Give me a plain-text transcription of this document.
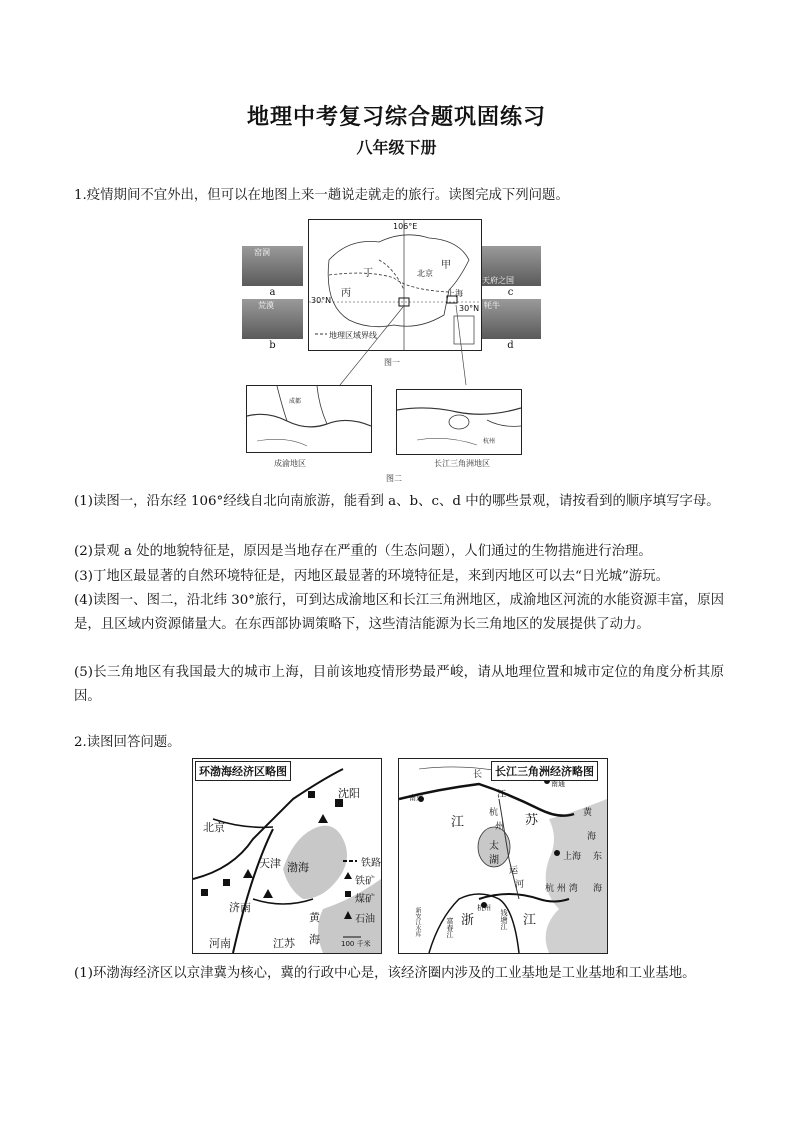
地理中考复习综合题巩固练习
八年级下册
1.疫情期间不宜外出，但可以在地图上来一趟说走就走的旅行。读图完成下列问题。
窑洞
a
荒漠
b
天府之国
c
牦牛
d
106°E
丁
丙
甲
北京
上海
30°N
30°N
地理区域界线
图一
成都
成渝地区
杭州
长江三角洲地区
图二
(1)读图一，沿东经 106°经线自北向南旅游，能看到 a、b、c、d 中的哪些景观，请按看到的顺序填写字母。
(2)景观 a 处的地貌特征是，原因是当地存在严重的（生态问题），人们通过的生物措施进行治理。
(3)丁地区最显著的自然环境特征是，丙地区最显著的环境特征是，来到丙地区可以去“日光城”游玩。
(4)读图一、图二，沿北纬 30°旅行，可到达成渝地区和长江三角洲地区，成渝地区河流的水能资源丰富，原因是，且区域内资源储量大。在东西部协调策略下，这些清洁能源为长三角地区的发展提供了动力。
(5)长三角地区有我国最大的城市上海，目前该地疫情形势最严峻，请从地理位置和城市定位的角度分析其原因。
2.读图回答问题。
环渤海经济区略图
北京
天津
沈阳
渤海
济南
黄
海
河南	江苏
铁路
铁矿
煤矿
石油
100 千米
长江三角洲经济略图
南通
南京
长
江
江	苏
杭
州
太
湖
运
河
上海
黄
海
东
海
杭 州 湾
杭州
浙	江
钱塘江
富春江
新安江水库
(1)环渤海经济区以京津冀为核心，冀的行政中心是，该经济圈内涉及的工业基地是工业基地和工业基地。
